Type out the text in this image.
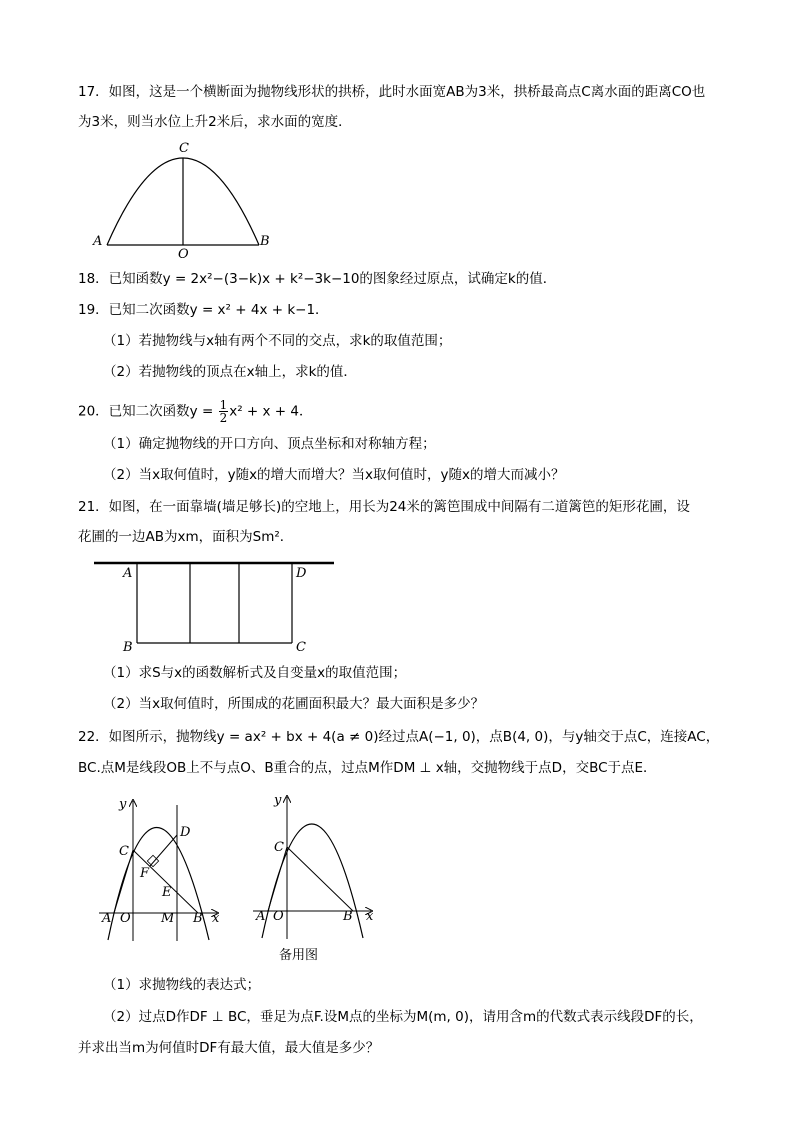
17．如图，这是一个横断面为抛物线形状的拱桥，此时水面宽AB为3米，拱桥最高点C离水面的距离CO也
为3米，则当水位上升2米后，求水面的宽度．
C
A	B
O
18．已知函数y = 2x²−(3−k)x + k²−3k−10的图象经过原点，试确定k的值．
19．已知二次函数y = x² + 4x + k−1．
（1）若抛物线与x轴有两个不同的交点，求k的取值范围；
（2）若抛物线的顶点在x轴上，求k的值．
20．已知二次函数$y = \frac{1}{2} x^2 + x + 4$．
（1）确定抛物线的开口方向、顶点坐标和对称轴方程；
（2）当x取何值时，y随x的增大而增大？当x取何值时，y随x的增大而减小？
21．如图，在一面靠墙(墙足够长)的空地上，用长为24米的篱笆围成中间隔有二道篱笆的矩形花圃，设
花圃的一边AB为xm，面积为Sm²．
A	D
B	C
（1）求S与x的函数解析式及自变量x的取值范围；
（2）当x取何值时，所围成的花圃面积最大？最大面积是多少？
22．如图所示，抛物线y = ax² + bx + 4(a ≠ 0)经过点A(−1, 0)，点B(4, 0)，与y轴交于点C，连接AC，
BC.点M是线段OB上不与点O、B重合的点，过点M作DM ⊥ x轴，交抛物线于点D，交BC于点E．
y
C
D
F
E
A O M B x
y
C
A O	B x
备用图
（1）求抛物线的表达式；
（2）过点D作DF ⊥ BC，垂足为点F.设M点的坐标为M(m, 0)，请用含m的代数式表示线段DF的长，
并求出当m为何值时DF有最大值，最大值是多少？
